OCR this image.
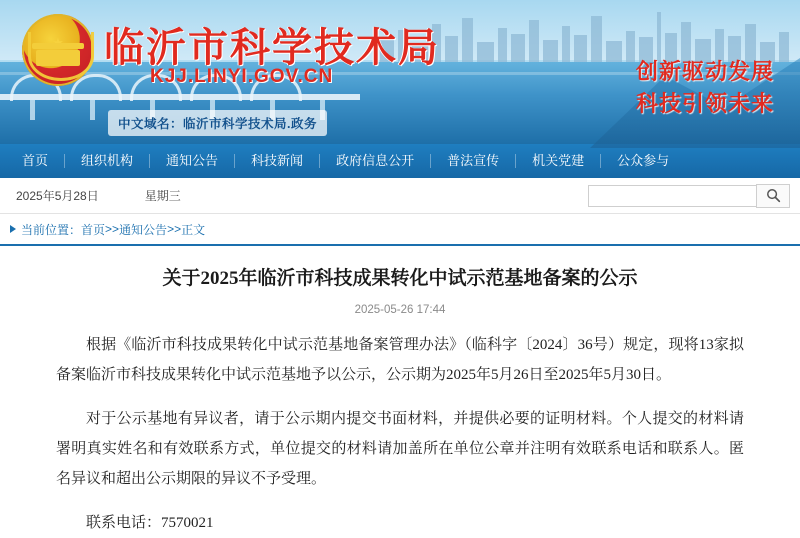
临沂市科学技术局
KJJ.LINYI.GOV.CN	创新驱动发展
科技引领未来
中文域名：临沂市科学技术局.政务
首页	组织机构	通知公告	科技新闻	政府信息公开	普法宣传	机关党建	公众参与
2025年5月28日	星期三
当前位置： 首页 >> 通知公告 >> 正文
关于2025年临沂市科技成果转化中试示范基地备案的公示
2025-05-26 17:44

根据《临沂市科技成果转化中试示范基地备案管理办法》（临科字〔2024〕36号）规定，现将13家拟备案临沂市科技成果转化中试示范基地予以公示，公示期为2025年5月26日至2025年5月30日。

对于公示基地有异议者，请于公示期内提交书面材料，并提供必要的证明材料。个人提交的材料请署明真实姓名和有效联系方式，单位提交的材料请加盖所在单位公章并注明有效联系电话和联系人。匿名异议和超出公示期限的异议不予受理。

联系电话：7570021
